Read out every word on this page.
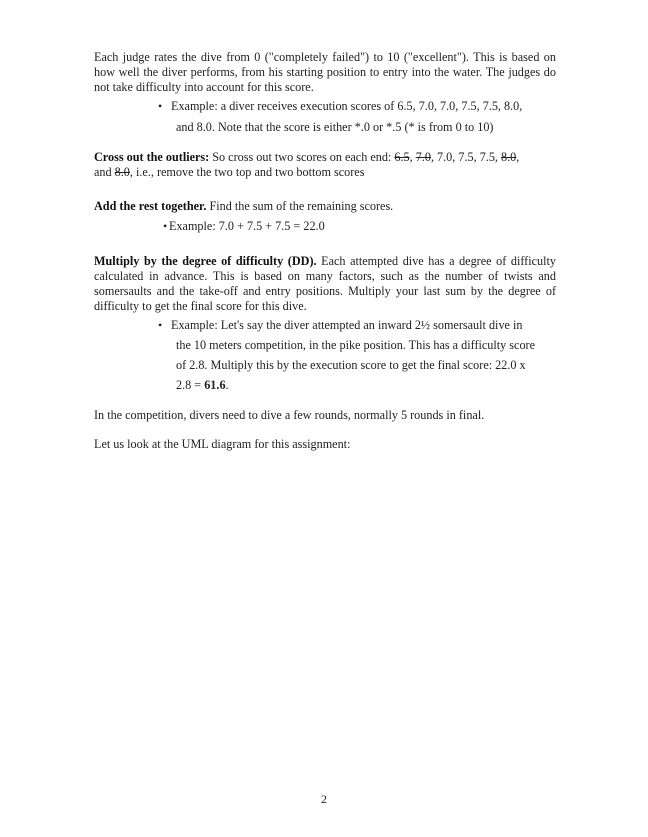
Each judge rates the dive from 0 ("completely failed") to 10 ("excellent"). This is based on how well the diver performs, from his starting position to entry into the water. The judges do not take difficulty into account for this score.

• Example: a diver receives execution scores of 6.5, 7.0, 7.0, 7.5, 7.5, 8.0,
and 8.0. Note that the score is either *.0 or *.5 (* is from 0 to 10)
Cross out the outliers: So cross out two scores on each end: 6.5, 7.0, 7.0, 7.5, 7.5, 8.0,
and 8.0, i.e., remove the two top and two bottom scores

Add the rest together. Find the sum of the remaining scores.

• Example: 7.0 + 7.5 + 7.5 = 22.0

Multiply by the degree of difficulty (DD). Each attempted dive has a degree of difficulty calculated in advance. This is based on many factors, such as the number of twists and somersaults and the take-off and entry positions. Multiply your last sum by the degree of difficulty to get the final score for this dive.

• Example: Let's say the diver attempted an inward 2½ somersault dive in
the 10 meters competition, in the pike position. This has a difficulty score
of 2.8. Multiply this by the execution score to get the final score: 22.0 x
2.8 = 61.6.

In the competition, divers need to dive a few rounds, normally 5 rounds in final.

Let us look at the UML diagram for this assignment:

2
